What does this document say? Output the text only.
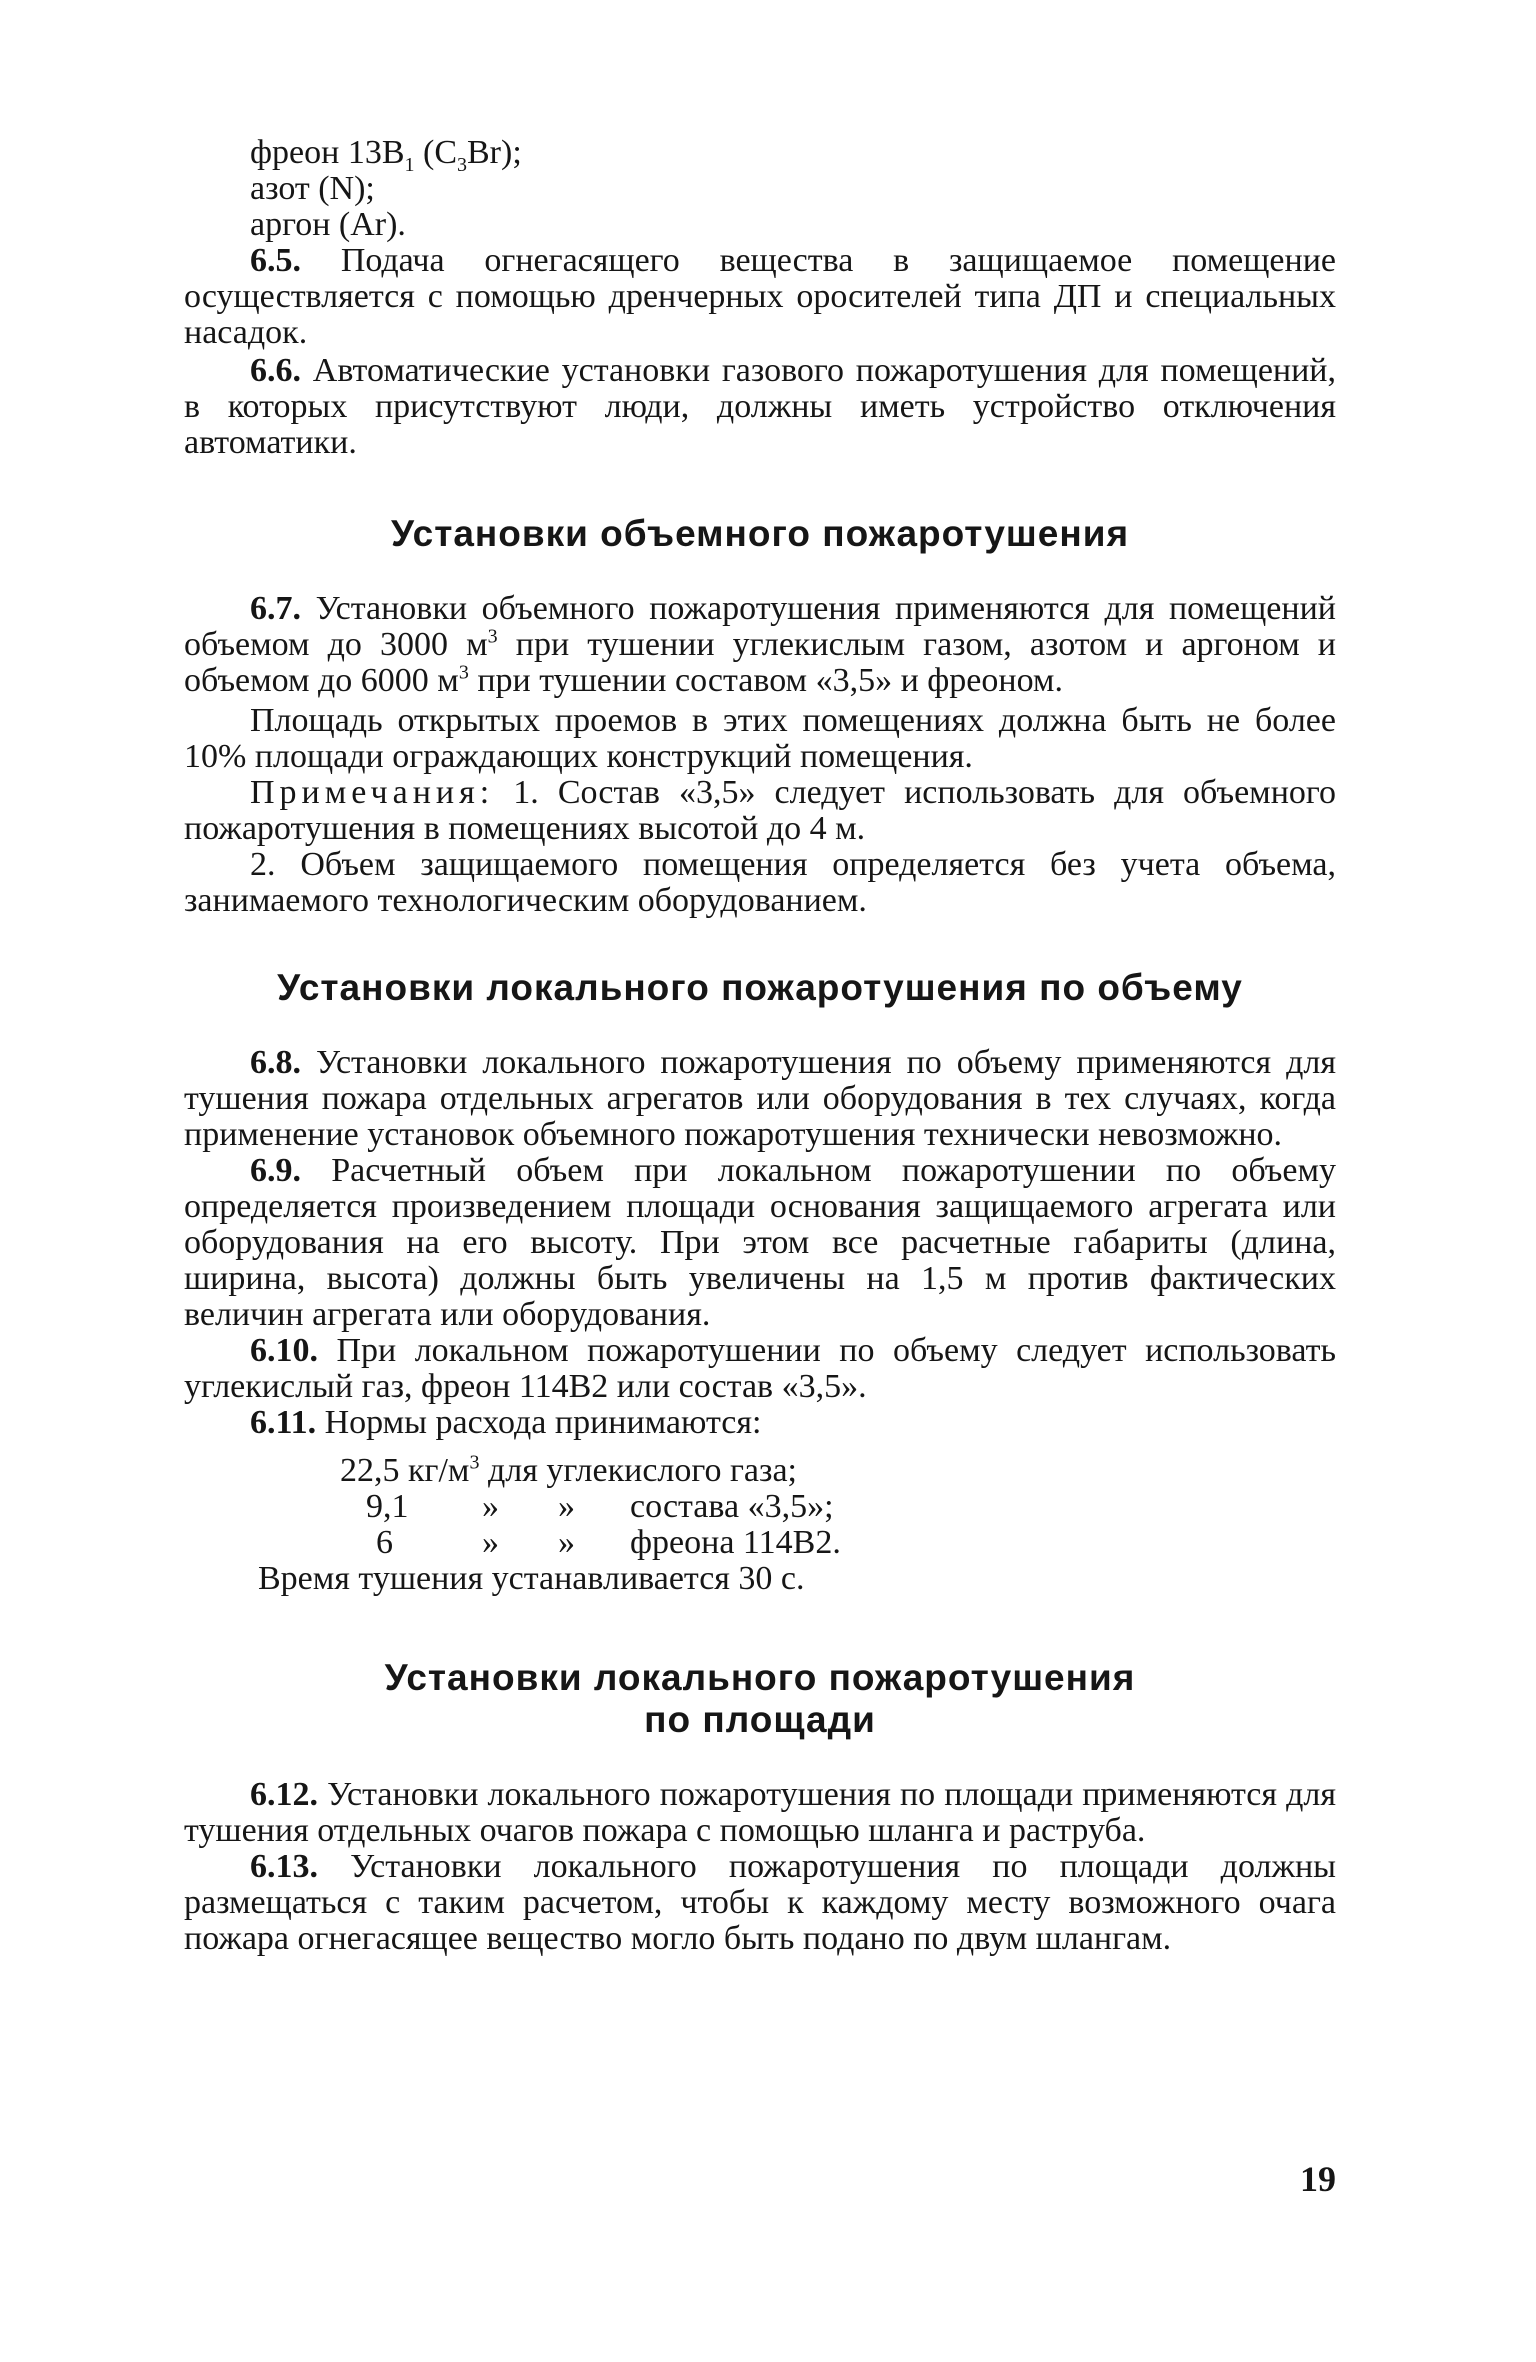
фреон $13В_1$ $(C_3Br)$;

азот (N);

аргон (Ar).

6.5. Подача огнегасящего вещества в защищаемое помещение осуществляется с помощью дренчерных оросителей типа ДП и специальных насадок.

6.6. Автоматические установки газового пожаротушения для помещений, в которых присутствуют люди, должны иметь устройство отключения автоматики.

Установки объемного пожаротушения

6.7. Установки объемного пожаротушения применяются для помещений объемом до 3000 $м^3$ при тушении углекислым газом, азотом и аргоном и объемом до 6000 $м^3$ при тушении составом «3,5» и фреоном.

Площадь открытых проемов в этих помещениях должна быть не более 10% площади ограждающих конструкций помещения.

Примечания: 1. Состав «3,5» следует использовать для объемного пожаротушения в помещениях высотой до 4 м.

2. Объем защищаемого помещения определяется без учета объема, занимаемого технологическим оборудованием.

Установки локального пожаротушения по объему

6.8. Установки локального пожаротушения по объему применяются для тушения пожара отдельных агрегатов или оборудования в тех случаях, когда применение установок объемного пожаротушения технически невозможно.

6.9. Расчетный объем при локальном пожаротушении по объему определяется произведением площади основания защищаемого агрегата или оборудования на его высоту. При этом все расчетные габариты (длина, ширина, высота) должны быть увеличены на 1,5 м против фактических величин агрегата или оборудования.

6.10. При локальном пожаротушении по объему следует использовать углекислый газ, фреон 114В2 или состав «3,5».

6.11. Нормы расхода принимаются:

22,5 $кг/м^3$ для углекислого газа;
9,1 » » состава «3,5»;
6	» » фреона 114В2.

Время тушения устанавливается 30 с.

Установки локального пожаротушения
по площади

6.12. Установки локального пожаротушения по площади применяются для тушения отдельных очагов пожара с помощью шланга и раструба.

6.13. Установки локального пожаротушения по площади должны размещаться с таким расчетом, чтобы к каждому месту возможного очага пожара огнегасящее вещество могло быть подано по двум шлангам.

19
